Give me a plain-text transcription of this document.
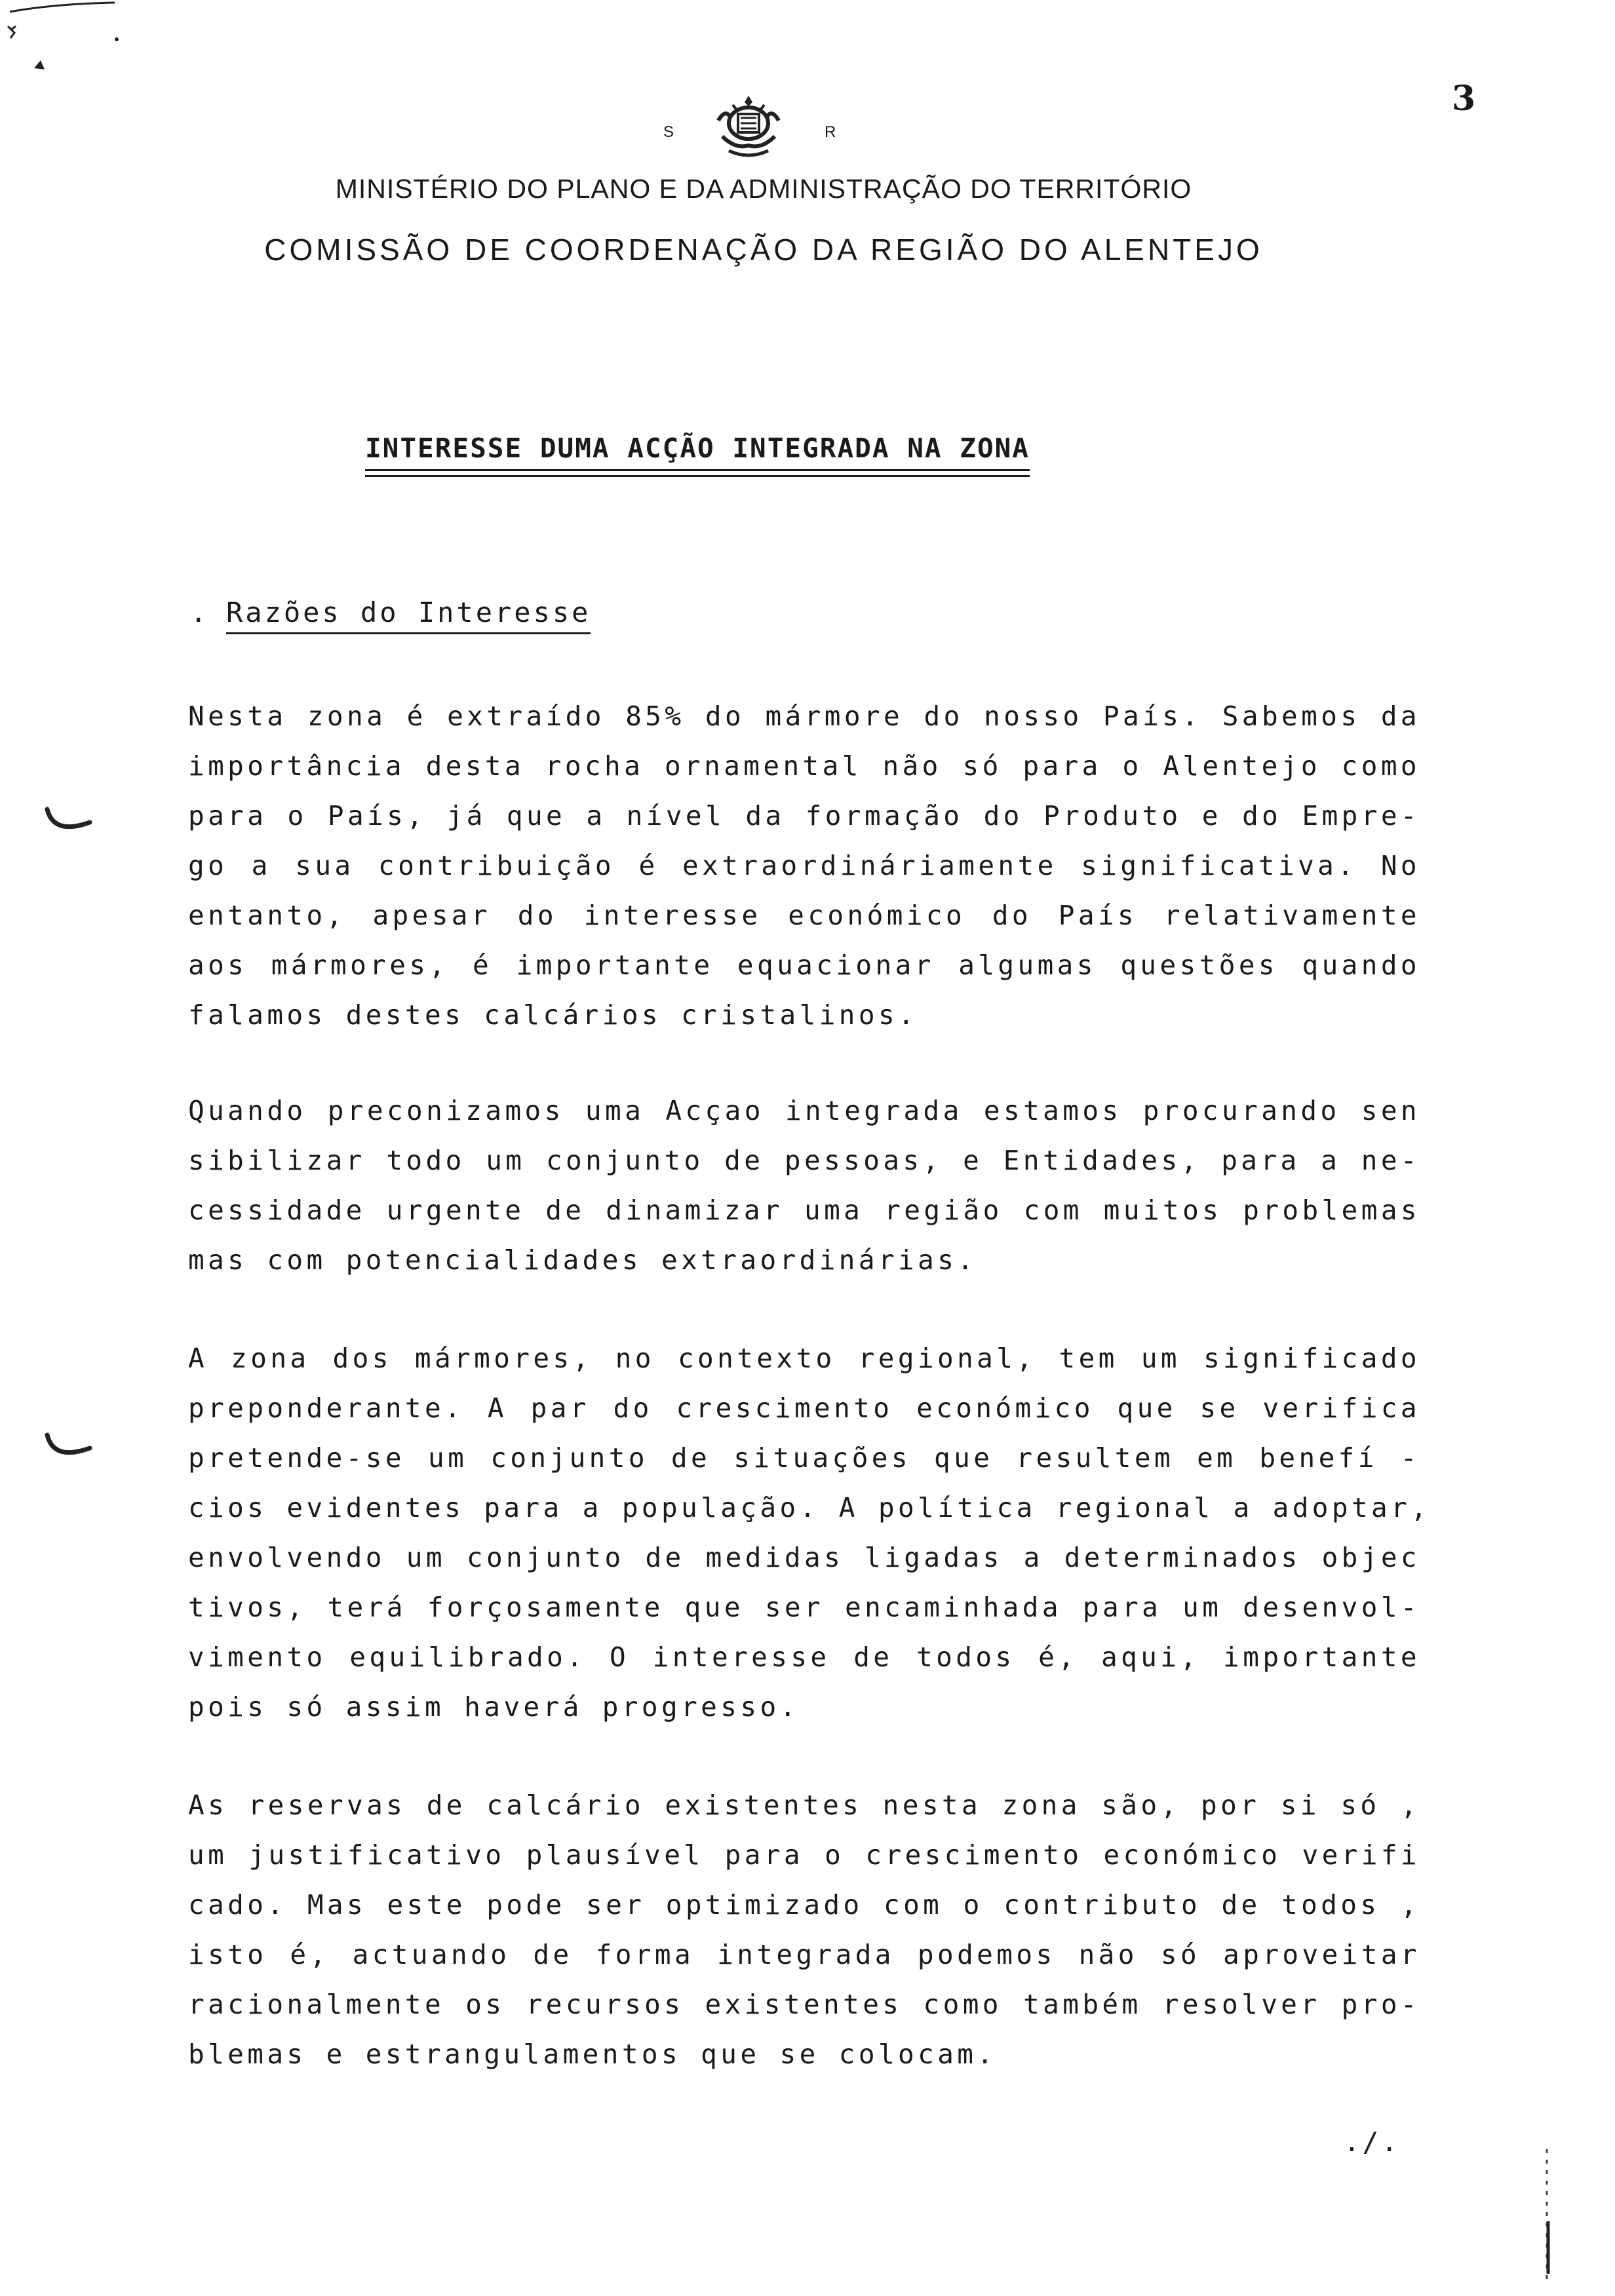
3
S	R
MINISTÉRIO DO PLANO E DA ADMINISTRAÇÃO DO TERRITÓRIO
COMISSÃO DE COORDENAÇÃO DA REGIÃO DO ALENTEJO
INTERESSE DUMA ACÇÃO INTEGRADA NA ZONA
. Razões do Interesse

Nesta zona é extraído 85% do mármore do nosso País. Sabemos da
importância desta rocha ornamental não só para o Alentejo como
para o País, já que a nível da formação do Produto e do Empre-
go a sua contribuição é extraordináriamente significativa. No
entanto, apesar do interesse económico do País relativamente
aos mármores, é importante equacionar algumas questões quando
falamos destes calcários cristalinos.

Quando preconizamos uma Acçao integrada estamos procurando sen
sibilizar todo um conjunto de pessoas, e Entidades, para a ne-
cessidade urgente de dinamizar uma região com muitos problemas
mas com potencialidades extraordinárias.

A zona dos mármores, no contexto regional, tem um significado
preponderante. A par do crescimento económico que se verifica
pretende-se um conjunto de situações que resultem em benefí -
cios evidentes para a população. A política regional a adoptar,
envolvendo um conjunto de medidas ligadas a determinados objec
tivos, terá forçosamente que ser encaminhada para um desenvol-
vimento equilibrado. O interesse de todos é, aqui, importante
pois só assim haverá progresso.

As reservas de calcário existentes nesta zona são, por si só ,
um justificativo plausível para o crescimento económico verifi
cado. Mas este pode ser optimizado com o contributo de todos ,
isto é, actuando de forma integrada podemos não só aproveitar
racionalmente os recursos existentes como também resolver pro-
blemas e estrangulamentos que se colocam.

./.
